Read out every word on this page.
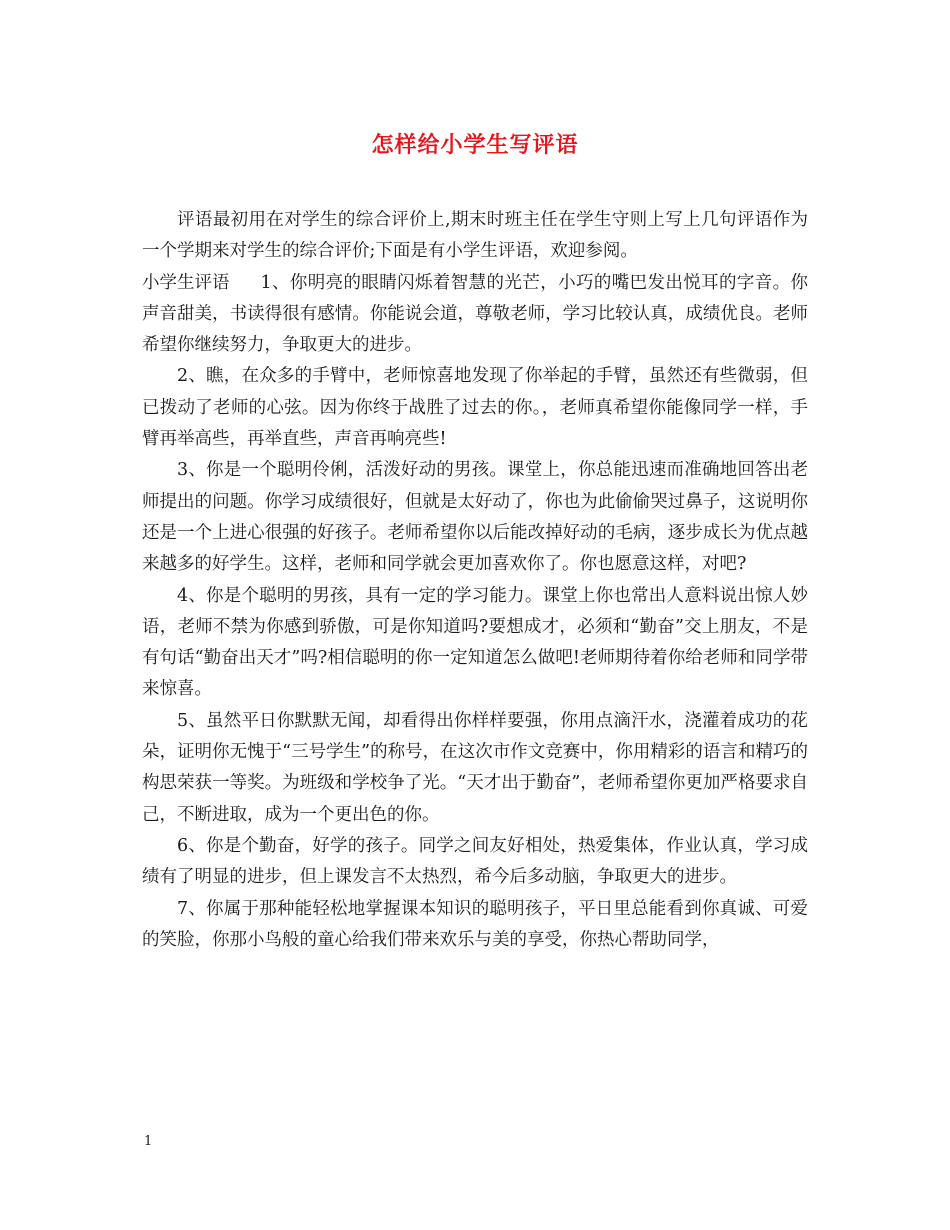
怎样给小学生写评语

评语最初用在对学生的综合评价上,期末时班主任在学生守则上写上几句评语作为一个学期来对学生的综合评价;下面是有小学生评语，欢迎参阅。

小学生评语 1、你明亮的眼睛闪烁着智慧的光芒，小巧的嘴巴发出悦耳的字音。你声音甜美，书读得很有感情。你能说会道，尊敬老师，学习比较认真，成绩优良。老师希望你继续努力，争取更大的进步。

2、瞧，在众多的手臂中，老师惊喜地发现了你举起的手臂，虽然还有些微弱，但已拨动了老师的心弦。因为你终于战胜了过去的你。，老师真希望你能像同学一样，手臂再举高些，再举直些，声音再响亮些!

3、你是一个聪明伶俐，活泼好动的男孩。课堂上，你总能迅速而准确地回答出老师提出的问题。你学习成绩很好，但就是太好动了，你也为此偷偷哭过鼻子，这说明你还是一个上进心很强的好孩子。老师希望你以后能改掉好动的毛病，逐步成长为优点越来越多的好学生。这样，老师和同学就会更加喜欢你了。你也愿意这样，对吧?

4、你是个聪明的男孩，具有一定的学习能力。课堂上你也常出人意料说出惊人妙语，老师不禁为你感到骄傲，可是你知道吗?要想成才，必须和“勤奋”交上朋友，不是有句话“勤奋出天才”吗?相信聪明的你一定知道怎么做吧!老师期待着你给老师和同学带来惊喜。

5、虽然平日你默默无闻，却看得出你样样要强，你用点滴汗水，浇灌着成功的花朵，证明你无愧于“三号学生”的称号，在这次市作文竞赛中，你用精彩的语言和精巧的构思荣获一等奖。为班级和学校争了光。“天才出于勤奋”，老师希望你更加严格要求自己，不断进取，成为一个更出色的你。

6、你是个勤奋，好学的孩子。同学之间友好相处，热爱集体，作业认真，学习成绩有了明显的进步，但上课发言不太热烈，希今后多动脑，争取更大的进步。

7、你属于那种能轻松地掌握课本知识的聪明孩子，平日里总能看到你真诚、可爱的笑脸，你那小鸟般的童心给我们带来欢乐与美的享受，你热心帮助同学，

1
